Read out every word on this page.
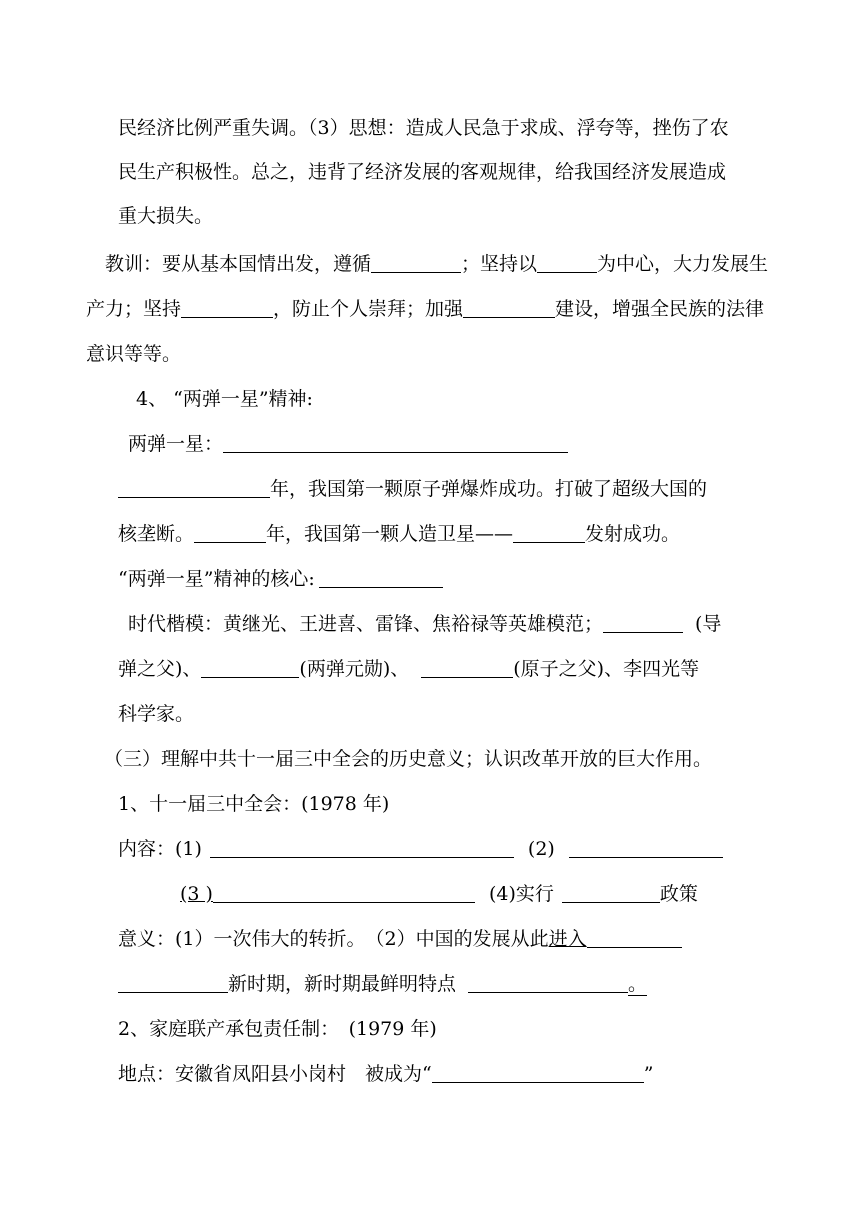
民经济比例严重失调。（3）思想：造成人民急于求成、浮夸等，挫伤了农
民生产积极性。总之，违背了经济发展的客观规律，给我国经济发展造成
重大损失。
教训：要从基本国情出发，遵循	；坚持以	为中心，大力发展生
产力；坚持	，防止个人崇拜；加强	建设，增强全民族的法律
意识等等。
4、 “两弹一星”精神:
两弹一星：
年，我国第一颗原子弹爆炸成功。打破了超级大国的
核垄断。	年，我国第一颗人造卫星——	发射成功。
“两弹一星”精神的核心:
时代楷模：黄继光、王进喜、雷锋、焦裕禄等英雄模范；	(导
弹之父)、	(两弹元勋)、	(原子之父)、李四光等
科学家。
（三）理解中共十一届三中全会的历史意义；认识改革开放的巨大作用。
1、十一届三中全会：(1978 年)
内容：(1)	(2)
(3 )	(4)实行	政策
意义：(1）一次伟大的转折。　（2）中国的发展从此进入
新时期，新时期最鲜明特点	。
2、家庭联产承包责任制：　(1979 年)
地点：安徽省凤阳县小岗村　被成为“	”
